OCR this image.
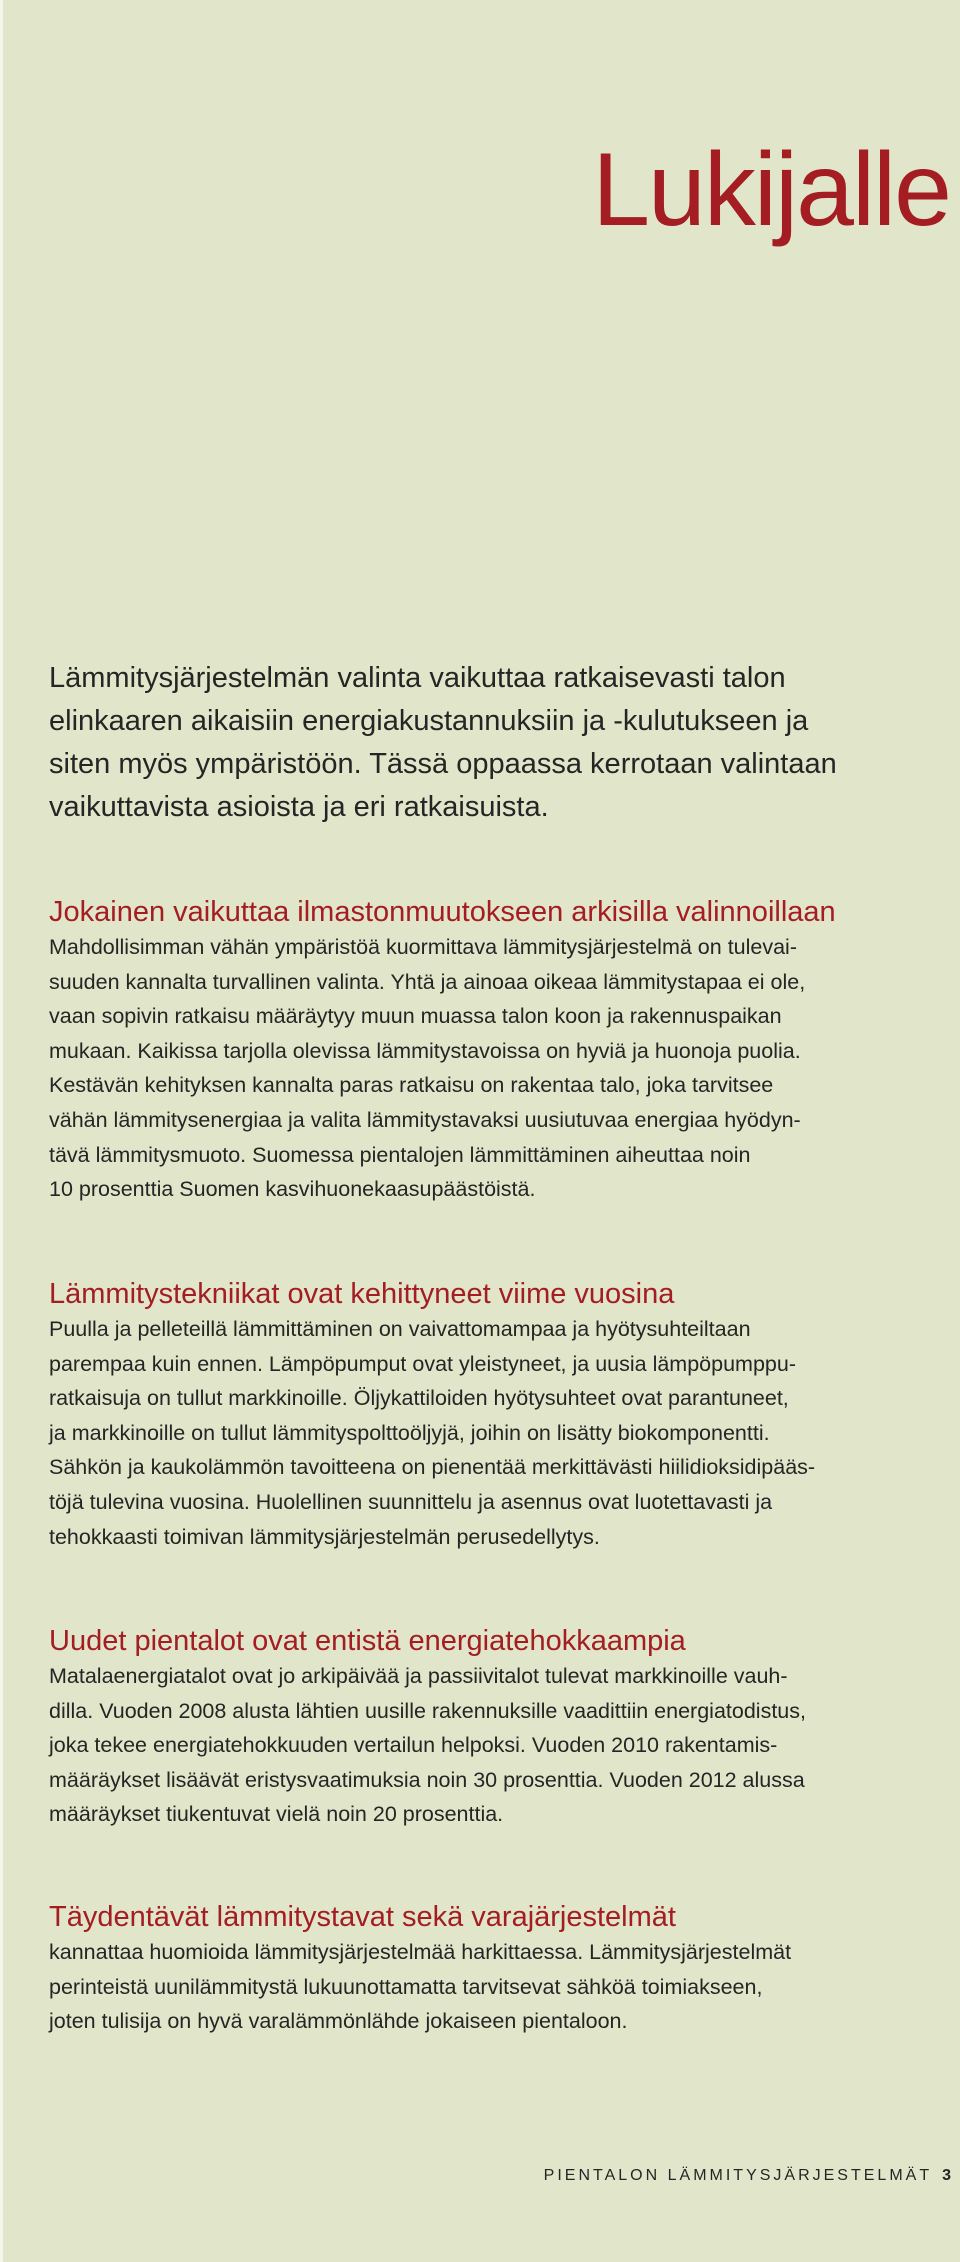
Lukijalle

Lämmitysjärjestelmän valinta vaikuttaa ratkaisevasti talon
elinkaaren aikaisiin energiakustannuksiin ja -kulutukseen ja
siten myös ympäristöön. Tässä oppaassa kerrotaan valintaan
vaikuttavista asioista ja eri ratkaisuista.

Jokainen vaikuttaa ilmastonmuutokseen arkisilla valinnoillaan

Mahdollisimman vähän ympäristöä kuormittava lämmitysjärjestelmä on tulevai-
suuden kannalta turvallinen valinta. Yhtä ja ainoaa oikeaa lämmitystapaa ei ole,
vaan sopivin ratkaisu määräytyy muun muassa talon koon ja rakennuspaikan
mukaan. Kaikissa tarjolla olevissa lämmitystavoissa on hyviä ja huonoja puolia.
Kestävän kehityksen kannalta paras ratkaisu on rakentaa talo, joka tarvitsee
vähän lämmitysenergiaa ja valita lämmitystavaksi uusiutuvaa energiaa hyödyn-
tävä lämmitysmuoto. Suomessa pientalojen lämmittäminen aiheuttaa noin
10 prosenttia Suomen kasvihuonekaasupäästöistä.

Lämmitystekniikat ovat kehittyneet viime vuosina

Puulla ja pelleteillä lämmittäminen on vaivattomampaa ja hyötysuhteiltaan
parempaa kuin ennen. Lämpöpumput ovat yleistyneet, ja uusia lämpöpumppu-
ratkaisuja on tullut markkinoille. Öljykattiloiden hyötysuhteet ovat parantuneet,
ja markkinoille on tullut lämmityspolttoöljyjä, joihin on lisätty biokomponentti.
Sähkön ja kaukolämmön tavoitteena on pienentää merkittävästi hiilidioksidipääs-
töjä tulevina vuosina. Huolellinen suunnittelu ja asennus ovat luotettavasti ja
tehokkaasti toimivan lämmitysjärjestelmän perusedellytys.

Uudet pientalot ovat entistä energiatehokkaampia

Matalaenergiatalot ovat jo arkipäivää ja passiivitalot tulevat markkinoille vauh-
dilla. Vuoden 2008 alusta lähtien uusille rakennuksille vaadittiin energiatodistus,
joka tekee energiatehokkuuden vertailun helpoksi. Vuoden 2010 rakentamis-
määräykset lisäävät eristysvaatimuksia noin 30 prosenttia. Vuoden 2012 alussa
määräykset tiukentuvat vielä noin 20 prosenttia.

Täydentävät lämmitystavat sekä varajärjestelmät

kannattaa huomioida lämmitysjärjestelmää harkittaessa. Lämmitysjärjestelmät
perinteistä uunilämmitystä lukuunottamatta tarvitsevat sähköä toimiakseen,
joten tulisija on hyvä varalämmönlähde jokaiseen pientaloon.

PIENTALON LÄMMITYSJÄRJESTELMÄT 3
